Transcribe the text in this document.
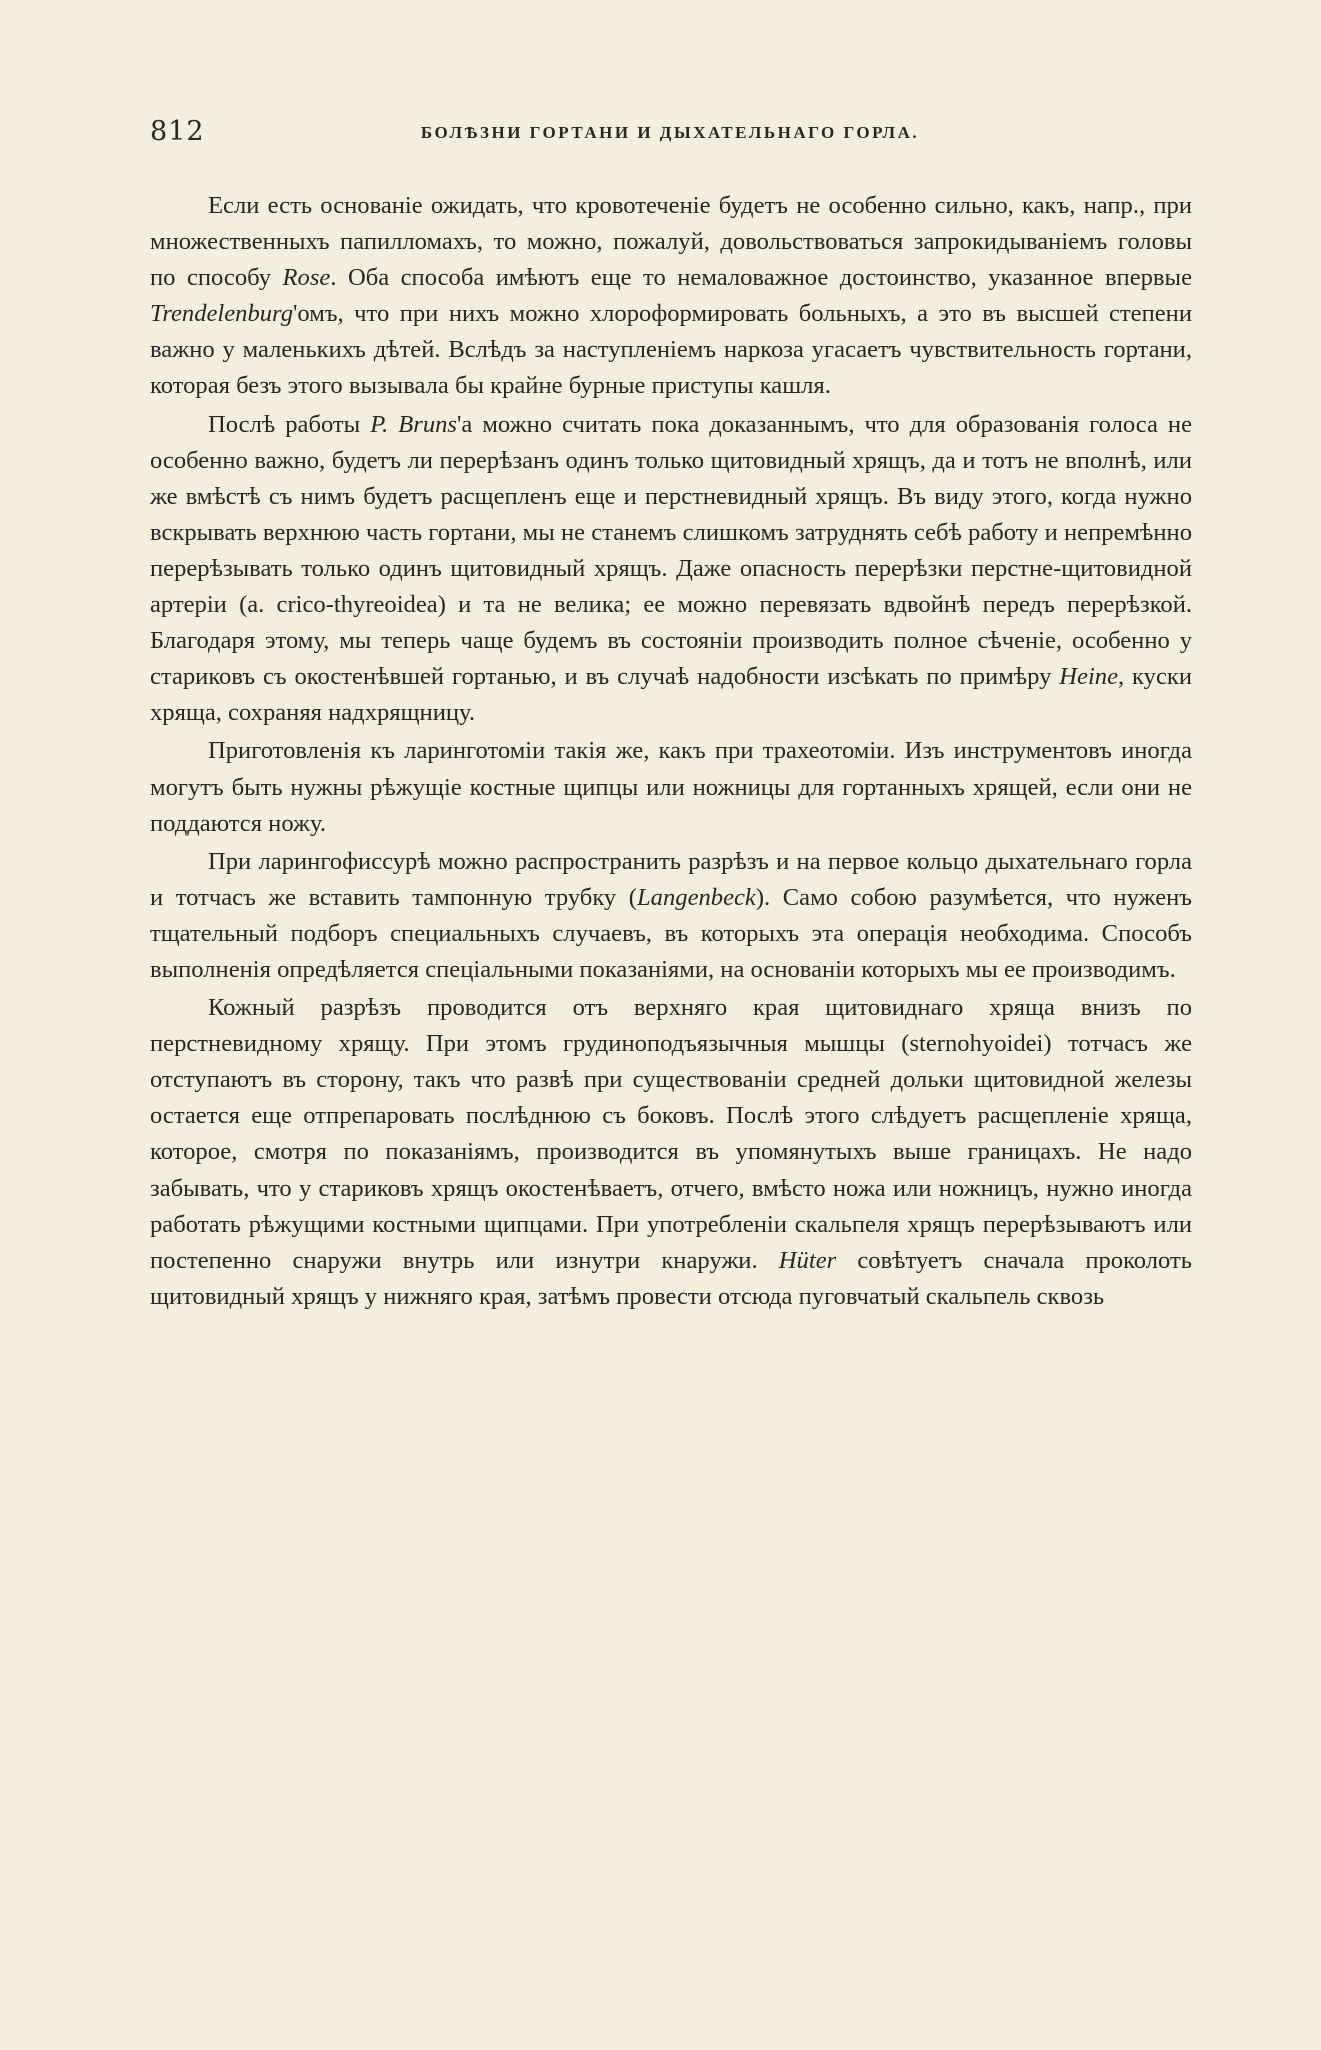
812	БОЛѢЗНИ ГОРТАНИ И ДЫХАТЕЛЬНАГО ГОРЛА.

Если есть основаніе ожидать, что кровотеченіе будетъ не особенно сильно, какъ, напр., при множественныхъ папилломахъ, то можно, пожалуй, довольствоваться запрокидываніемъ головы по способу Rose. Оба способа имѣютъ еще то немаловажное достоинство, указанное впервые Trendelenburg'омъ, что при нихъ можно хлороформировать больныхъ, а это въ высшей степени важно у маленькихъ дѣтей. Вслѣдъ за наступленіемъ наркоза угасаетъ чувствительность гортани, которая безъ этого вызывала бы крайне бурные приступы кашля.

Послѣ работы P. Bruns'а можно считать пока доказаннымъ, что для образованія голоса не особенно важно, будетъ ли перерѣзанъ одинъ только щитовидный хрящъ, да и тотъ не вполнѣ, или же вмѣстѣ съ нимъ будетъ расщепленъ еще и перстневидный хрящъ. Въ виду этого, когда нужно вскрывать верхнюю часть гортани, мы не станемъ слишкомъ затруднять себѣ работу и непремѣнно перерѣзывать только одинъ щитовидный хрящъ. Даже опасность перерѣзки перстне-щитовидной артеріи (a. crico-thyreoidea) и та не велика; ее можно перевязать вдвойнѣ передъ перерѣзкой. Благодаря этому, мы теперь чаще будемъ въ состояніи производить полное сѣченіе, особенно у стариковъ съ окостенѣвшей гортанью, и въ случаѣ надобности изсѣкать по примѣру Heine, куски хряща, сохраняя надхрящницу.

Приготовленія къ ларинготоміи такія же, какъ при трахеотоміи. Изъ инструментовъ иногда могутъ быть нужны рѣжущіе костные щипцы или ножницы для гортанныхъ хрящей, если они не поддаются ножу.

При ларингофиссурѣ можно распространить разрѣзъ и на первое кольцо дыхательнаго горла и тотчасъ же вставить тампонную трубку (Langenbeck). Само собою разумѣется, что нуженъ тщательный подборъ специальныхъ случаевъ, въ которыхъ эта операція необходима. Способъ выполненія опредѣляется спеціальными показаніями, на основаніи которыхъ мы ее производимъ.

Кожный разрѣзъ проводится отъ верхняго края щитовиднаго хряща внизъ по перстневидному хрящу. При этомъ грудиноподъязычныя мышцы (sternohyoidei) тотчасъ же отступаютъ въ сторону, такъ что развѣ при существованіи средней дольки щитовидной железы остается еще отпрепаровать послѣднюю съ боковъ. Послѣ этого слѣдуетъ расщепленіе хряща, которое, смотря по показаніямъ, производится въ упомянутыхъ выше границахъ. Не надо забывать, что у стариковъ хрящъ окостенѣваетъ, отчего, вмѣсто ножа или ножницъ, нужно иногда работать рѣжущими костными щипцами. При употребленіи скальпеля хрящъ перерѣзываютъ или постепенно снаружи внутрь или изнутри кнаружи. Hüter совѣтуетъ сначала проколоть щитовидный хрящъ у нижняго края, затѣмъ провести отсюда пуговчатый скальпель сквозь
